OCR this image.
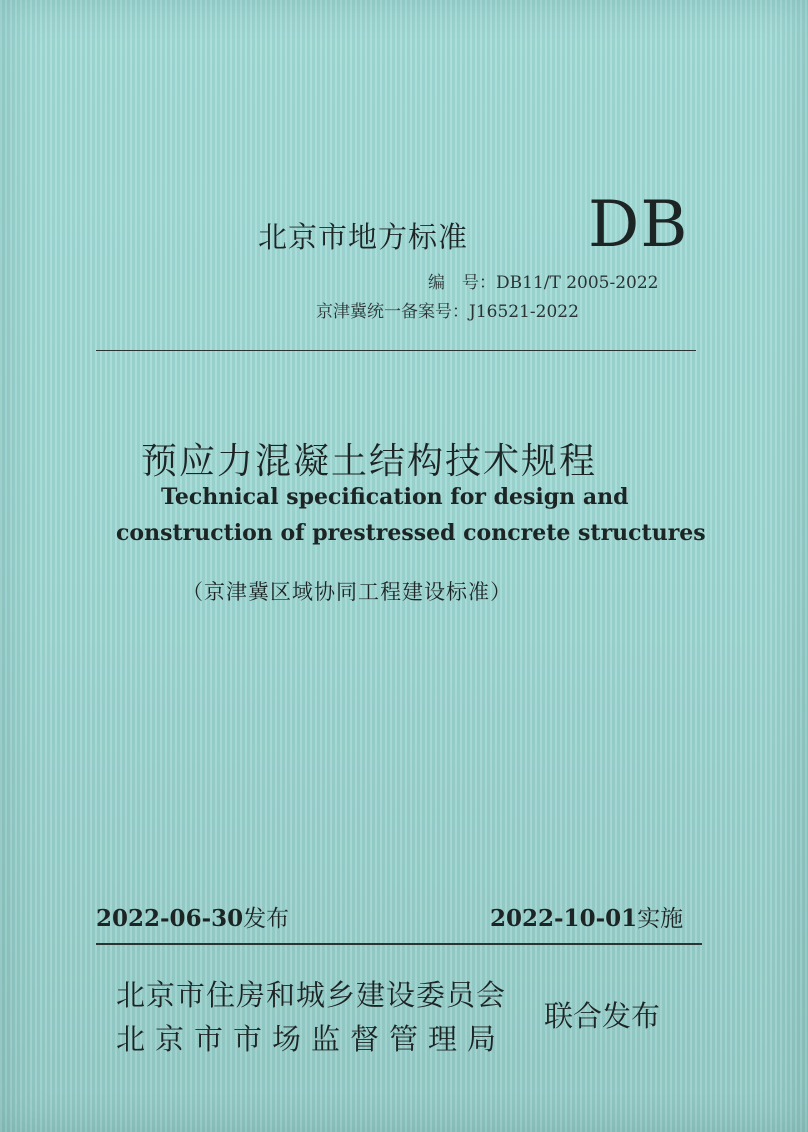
北京市地方标准 DB
编　号：DB11/T 2005-2022
京津冀统一备案号：J16521-2022
预应力混凝土结构技术规程
Technical specification for design and
construction of prestressed concrete structures
（京津冀区域协同工程建设标准）
2022-06-30发布	2022-10-01实施
北京市住房和城乡建设委员会
北京市市场监督管理局
联合发布
